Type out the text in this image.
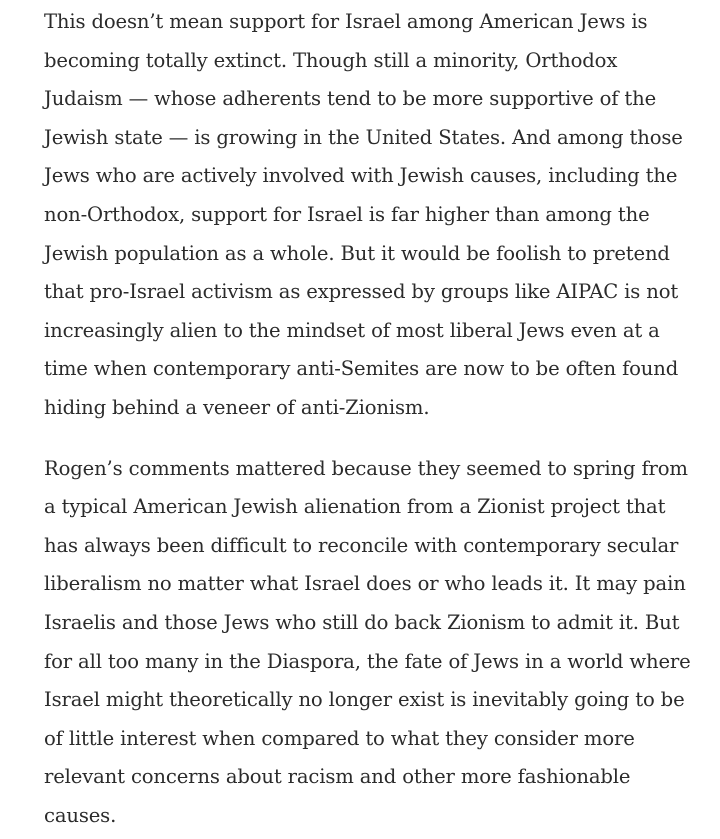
This doesn’t mean support for Israel among American Jews is
becoming totally extinct. Though still a minority, Orthodox
Judaism — whose adherents tend to be more supportive of the
Jewish state — is growing in the United States. And among those
Jews who are actively involved with Jewish causes, including the
non-Orthodox, support for Israel is far higher than among the
Jewish population as a whole. But it would be foolish to pretend
that pro-Israel activism as expressed by groups like AIPAC is not
increasingly alien to the mindset of most liberal Jews even at a
time when contemporary anti-Semites are now to be often found
hiding behind a veneer of anti-Zionism.

Rogen’s comments mattered because they seemed to spring from
a typical American Jewish alienation from a Zionist project that
has always been difficult to reconcile with contemporary secular
liberalism no matter what Israel does or who leads it. It may pain
Israelis and those Jews who still do back Zionism to admit it. But
for all too many in the Diaspora, the fate of Jews in a world where
Israel might theoretically no longer exist is inevitably going to be
of little interest when compared to what they consider more
relevant concerns about racism and other more fashionable
causes.
